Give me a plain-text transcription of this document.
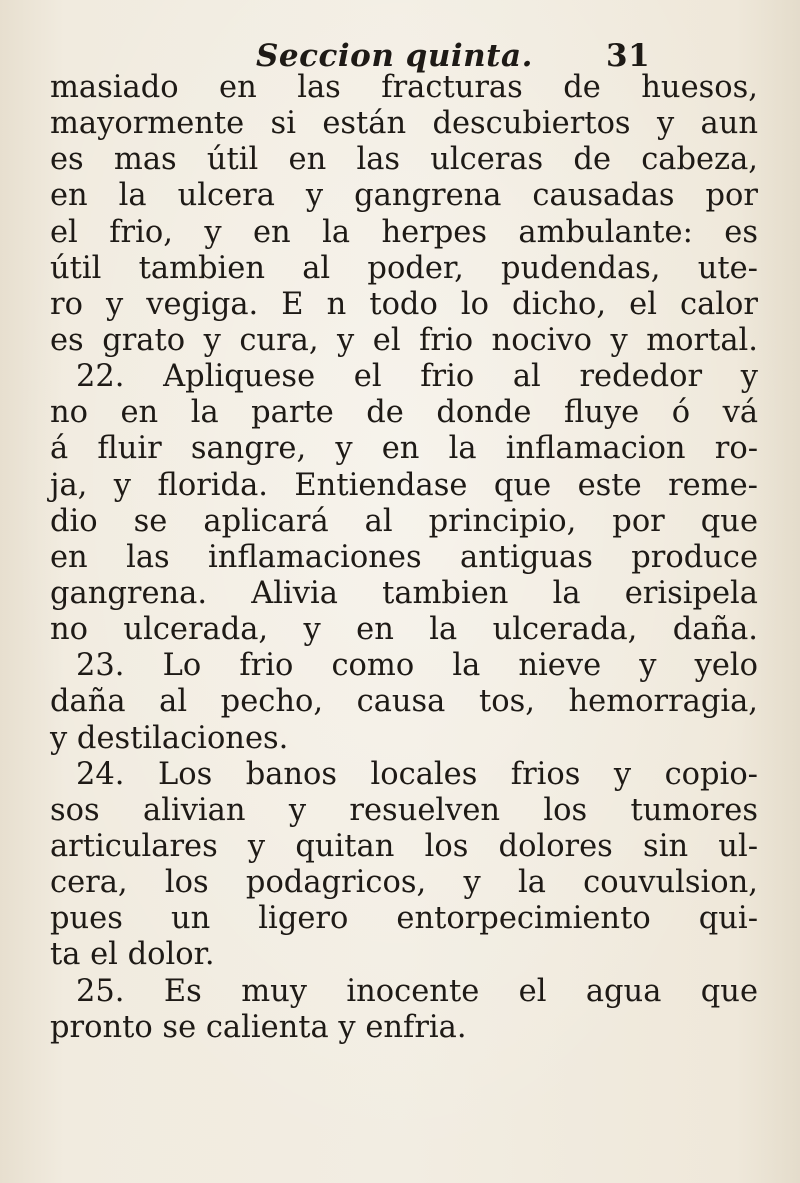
Seccion quinta. 31
masiado en las fracturas de huesos,
mayormente si están descubiertos y aun
es mas útil en las ulceras de cabeza,
en la ulcera y gangrena causadas por
el frio, y en la herpes ambulante: es
útil tambien al poder, pudendas, ute-
ro y vegiga. E n todo lo dicho, el calor
es grato y cura, y el frio nocivo y mortal.
22. Apliquese el frio al rededor y
no en la parte de donde fluye ó vá
á fluir sangre, y en la inflamacion ro-
ja, y florida. Entiendase que este reme-
dio se aplicará al principio, por que
en las inflamaciones antiguas produce
gangrena. Alivia tambien la erisipela
no ulcerada, y en la ulcerada, daña.
23. Lo frio como la nieve y yelo
daña al pecho, causa tos, hemorragia,
y destilaciones.
24. Los banos locales frios y copio-
sos alivian y resuelven los tumores
articulares y quitan los dolores sin ul-
cera, los podagricos, y la couvulsion,
pues un ligero entorpecimiento qui-
ta el dolor.
25. Es muy inocente el agua que
pronto se calienta y enfria.
